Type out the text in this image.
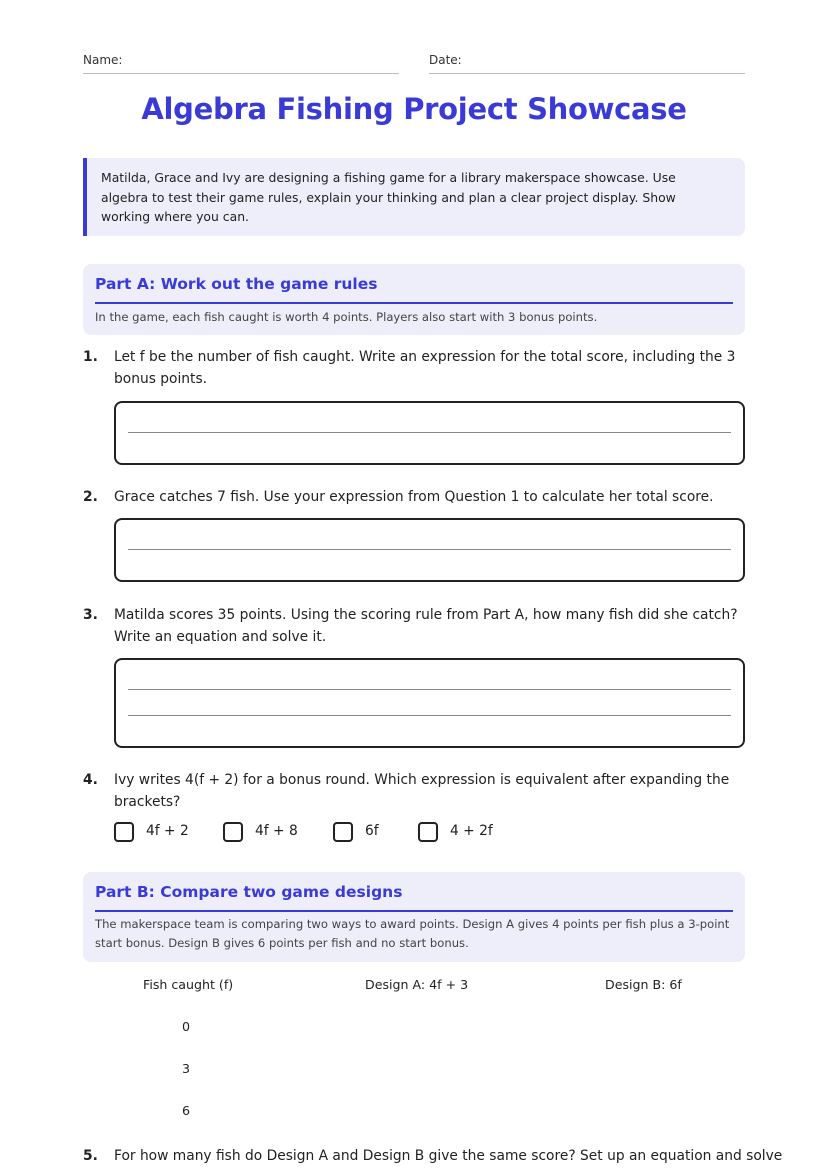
Name:	Date:
Algebra Fishing Project Showcase
Matilda, Grace and Ivy are designing a fishing game for a library makerspace showcase. Use algebra to test their game rules, explain your thinking and plan a clear project display. Show working where you can.
Part A: Work out the game rules
In the game, each fish caught is worth 4 points. Players also start with 3 bonus points.
1. Let f be the number of fish caught. Write an expression for the total score, including the 3 bonus points.
2. Grace catches 7 fish. Use your expression from Question 1 to calculate her total score.
3. Matilda scores 35 points. Using the scoring rule from Part A, how many fish did she catch? Write an equation and solve it.
4. Ivy writes 4(f + 2) for a bonus round. Which expression is equivalent after expanding the brackets?
4f + 2	4f + 8	6f	4 + 2f
Part B: Compare two game designs
The makerspace team is comparing two ways to award points. Design A gives 4 points per fish plus a 3-point start bonus. Design B gives 6 points per fish and no start bonus.
Fish caught (f)	Design A: 4f + 3	Design B: 6f
0
3
6
5. For how many fish do Design A and Design B give the same score? Set up an equation and solve
